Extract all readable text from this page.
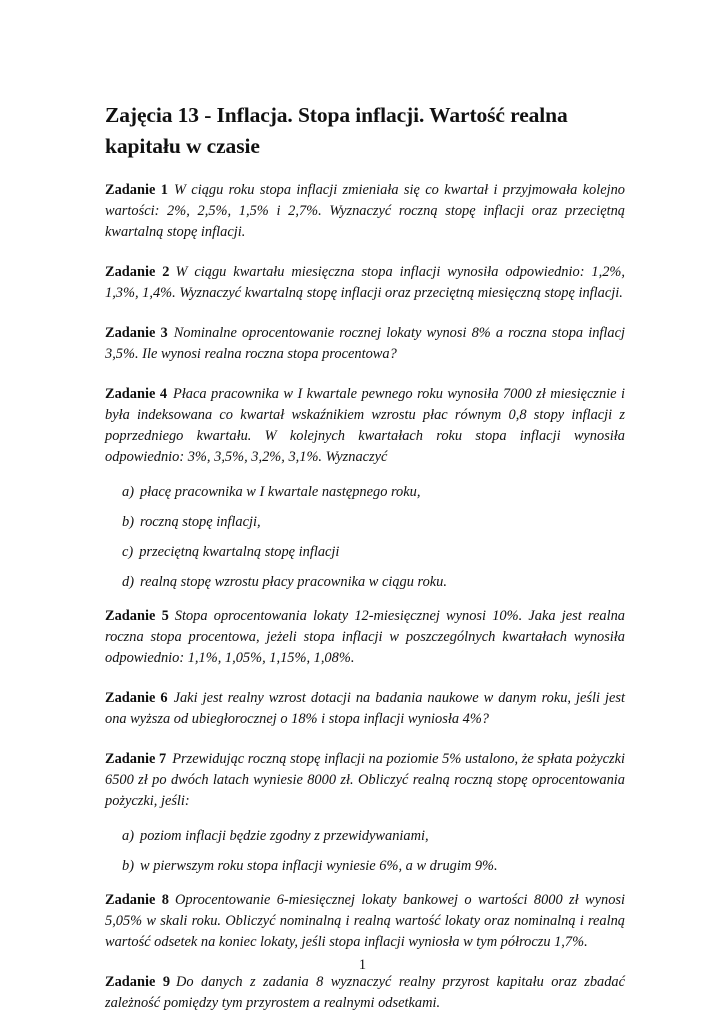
Zajęcia 13 - Inflacja. Stopa inflacji. Wartość realna
kapitału w czasie

Zadanie 1 W ciągu roku stopa inflacji zmieniała się co kwartał i przyjmowała kolejno wartości: 2%, 2,5%, 1,5% i 2,7%. Wyznaczyć roczną stopę inflacji oraz przeciętną kwartalną stopę inflacji.

Zadanie 2 W ciągu kwartału miesięczna stopa inflacji wynosiła odpowiednio: 1,2%, 1,3%, 1,4%. Wyznaczyć kwartalną stopę inflacji oraz przeciętną miesięczną stopę inflacji.

Zadanie 3 Nominalne oprocentowanie rocznej lokaty wynosi 8% a roczna stopa inflacj 3,5%. Ile wynosi realna roczna stopa procentowa?

Zadanie 4 Płaca pracownika w I kwartale pewnego roku wynosiła 7000 zł miesięcznie i była indeksowana co kwartał wskaźnikiem wzrostu płac równym 0,8 stopy inflacji z poprzedniego kwartału. W kolejnych kwartałach roku stopa inflacji wynosiła odpowiednio: 3%, 3,5%, 3,2%, 3,1%. Wyznaczyć

a) płacę pracownika w I kwartale następnego roku,
b) roczną stopę inflacji,
c) przeciętną kwartalną stopę inflacji
d) realną stopę wzrostu płacy pracownika w ciągu roku.

Zadanie 5 Stopa oprocentowania lokaty 12-miesięcznej wynosi 10%. Jaka jest realna roczna stopa procentowa, jeżeli stopa inflacji w poszczególnych kwartałach wynosiła odpowiednio: 1,1%, 1,05%, 1,15%, 1,08%.

Zadanie 6 Jaki jest realny wzrost dotacji na badania naukowe w danym roku, jeśli jest ona wyższa od ubiegłorocznej o 18% i stopa inflacji wyniosła 4%?

Zadanie 7 Przewidując roczną stopę inflacji na poziomie 5% ustalono, że spłata pożyczki 6500 zł po dwóch latach wyniesie 8000 zł. Obliczyć realną roczną stopę oprocentowania pożyczki, jeśli:

a) poziom inflacji będzie zgodny z przewidywaniami,
b) w pierwszym roku stopa inflacji wyniesie 6%, a w drugim 9%.

Zadanie 8 Oprocentowanie 6-miesięcznej lokaty bankowej o wartości 8000 zł wynosi 5,05% w skali roku. Obliczyć nominalną i realną wartość lokaty oraz nominalną i realną wartość odsetek na koniec lokaty, jeśli stopa inflacji wyniosła w tym półroczu 1,7%.

Zadanie 9 Do danych z zadania 8 wyznaczyć realny przyrost kapitału oraz zbadać zależność pomiędzy tym przyrostem a realnymi odsetkami.

1
